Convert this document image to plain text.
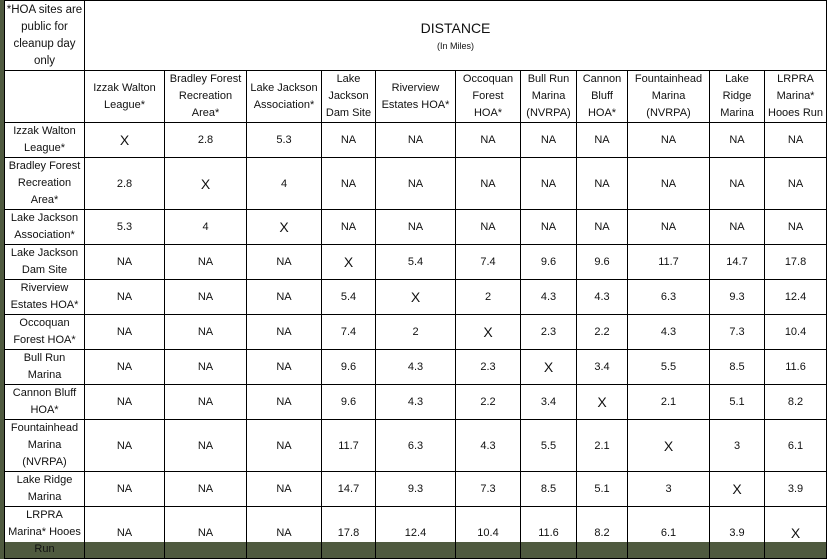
*HOA sites are public for cleanup day only	DISTANCE
(In Miles)										

	Izzak Walton League*	Bradley Forest Recreation Area*	Lake Jackson Association*	Lake Jackson Dam Site	Riverview Estates HOA*	Occoquan Forest HOA*	Bull Run Marina (NVRPA)	Cannon Bluff HOA*	Fountainhead Marina (NVRPA)	Lake Ridge Marina	LRPRA Marina* Hooes Run
Izzak Walton League*	X	2.8	5.3	NA	NA	NA	NA	NA	NA	NA	NA
Bradley Forest Recreation Area*	2.8	X	4	NA	NA	NA	NA	NA	NA	NA	NA
Lake Jackson Association*	5.3	4	X	NA	NA	NA	NA	NA	NA	NA	NA
Lake Jackson Dam Site	NA	NA	NA	X	5.4	7.4	9.6	9.6	11.7	14.7	17.8
Riverview Estates HOA*	NA	NA	NA	5.4	X	2	4.3	4.3	6.3	9.3	12.4
Occoquan Forest HOA*	NA	NA	NA	7.4	2	X	2.3	2.2	4.3	7.3	10.4
Bull Run Marina	NA	NA	NA	9.6	4.3	2.3	X	3.4	5.5	8.5	11.6
Cannon Bluff HOA*	NA	NA	NA	9.6	4.3	2.2	3.4	X	2.1	5.1	8.2
Fountainhead Marina (NVRPA)	NA	NA	NA	11.7	6.3	4.3	5.5	2.1	X	3	6.1
Lake Ridge Marina	NA	NA	NA	14.7	9.3	7.3	8.5	5.1	3	X	3.9
LRPRA Marina* Hooes Run	NA	NA	NA	17.8	12.4	10.4	11.6	8.2	6.1	3.9	X
